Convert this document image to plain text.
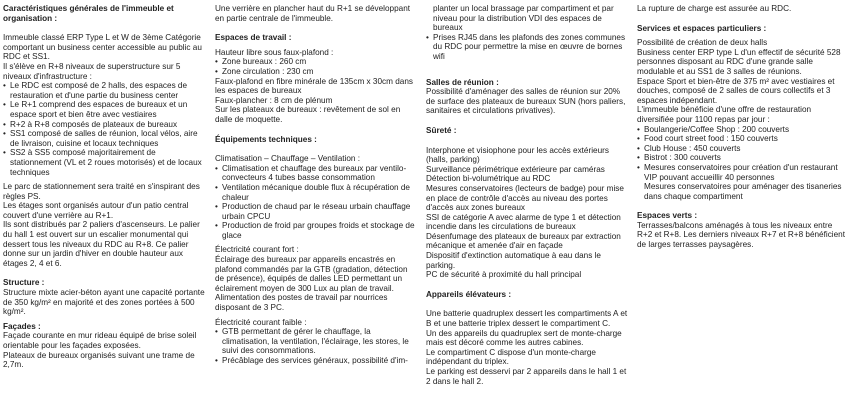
Caractéristiques générales de l'immeuble et organisation :
Immeuble classé ERP Type L et W de 3ème Catégorie comportant un business center accessible au public au RDC et SS1.
Il s'élève en R+8 niveaux de superstructure sur 5 niveaux d'infrastructure :
• Le RDC est composé de 2 halls, des espaces de restauration et d'une partie du business center
• Le R+1 comprend des espaces de bureaux et un espace sport et bien être avec vestiaires
• R+2 à R+8 composés de plateaux de bureaux
• SS1 composé de salles de réunion, local vélos, aire de livraison, cuisine et locaux techniques
• SS2 à SS5 composé majoritairement de stationnement (VL et 2 roues motorisés) et de locaux techniques
Le parc de stationnement sera traité en s'inspirant des règles PS.
Les étages sont organisés autour d'un patio central couvert d'une verrière au R+1.
Ils sont distribués par 2 paliers d'ascenseurs. Le palier du hall 1 est ouvert sur un escalier monumental qui dessert tous les niveaux du RDC au R+8. Ce palier donne sur un jardin d'hiver en double hauteur aux étages 2, 4 et 6.
Structure :
Structure mixte acier-béton ayant une capacité portante de 350 kg/m² en majorité et des zones portées à 500 kg/m².
Façades :
Façade courante en mur rideau équipé de brise soleil orientable pour les façades exposées.
Plateaux de bureaux organisés suivant une trame de 2,7m.
Une verrière en plancher haut du R+1 se développant en partie centrale de l'immeuble.
Espaces de travail :
Hauteur libre sous faux-plafond :
• Zone bureaux : 260 cm
• Zone circulation : 230 cm
Faux-plafond en fibre minérale de 135cm x 30cm dans les espaces de bureaux
Faux-plancher : 8 cm de plénum
Sur les plateaux de bureaux : revêtement de sol en dalle de moquette.
Équipements techniques :
Climatisation – Chauffage – Ventilation :
• Climatisation et chauffage des bureaux par ventilo-convecteurs 4 tubes basse consommation
• Ventilation mécanique double flux à récupération de chaleur
• Production de chaud par le réseau urbain chauffage urbain CPCU
• Production de froid par groupes froids et stockage de glace
Électricité courant fort :
Éclairage des bureaux par appareils encastrés en plafond commandés par la GTB (gradation, détection de présence), équipés de dalles LED permettant un éclairement moyen de 300 Lux au plan de travail.
Alimentation des postes de travail par nourrices disposant de 3 PC.
Électricité courant faible :
• GTB permettant de gérer le chauffage, la climatisation, la ventilation, l'éclairage, les stores, le suivi des consommations.
• Précâblage des services généraux, possibilité d'im-
planter un local brassage par compartiment et par niveau pour la distribution VDI des espaces de bureaux
• Prises RJ45 dans les plafonds des zones communes du RDC pour permettre la mise en œuvre de bornes wifi
Salles de réunion :
Possibilité d'aménager des salles de réunion sur 20% de surface des plateaux de bureaux SUN (hors paliers, sanitaires et circulations privatives).
Sûreté :
Interphone et visiophone pour les accès extérieurs (halls, parking)
Surveillance périmétrique extérieure par caméras
Détection bi-volumétrique au RDC
Mesures conservatoires (lecteurs de badge) pour mise en place de contrôle d'accès au niveau des portes d'accès aux zones bureaux
SSI de catégorie A avec alarme de type 1 et détection incendie dans les circulations de bureaux
Désenfumage des plateaux de bureaux par extraction mécanique et amenée d'air en façade
Dispositif d'extinction automatique à eau dans le parking.
PC de sécurité à proximité du hall principal
Appareils élévateurs :
Une batterie quadruplex dessert les compartiments A et B et une batterie triplex dessert le compartiment C.
Un des appareils du quadruplex sert de monte-charge mais est décoré comme les autres cabines.
Le compartiment C dispose d'un monte-charge indépendant du triplex.
Le parking est desservi par 2 appareils dans le hall 1 et 2 dans le hall 2.
La rupture de charge est assurée au RDC.
Services et espaces particuliers :
Possibilité de création de deux halls
Business center ERP type L d'un effectif de sécurité 528 personnes disposant au RDC d'une grande salle modulable et au SS1 de 3 salles de réunions.
Espace Sport et bien-être de 375 m² avec vestiaires et douches, composé de 2 salles de cours collectifs et 3 espaces indépendant.
L'immeuble bénéficie d'une offre de restauration diversifiée pour 1100 repas par jour :
• Boulangerie/Coffee Shop : 200 couverts
• Food court street food : 150 couverts
• Club House : 450 couverts
• Bistrot : 300 couverts
• Mesures conservatoires pour création d'un restaurant VIP pouvant accueillir 40 personnes
Mesures conservatoires pour aménager des tisaneries dans chaque compartiment
Espaces verts :
Terrasses/balcons aménagés à tous les niveaux entre R+2 et R+8. Les derniers niveaux R+7 et R+8 bénéficient de larges terrasses paysagères.
